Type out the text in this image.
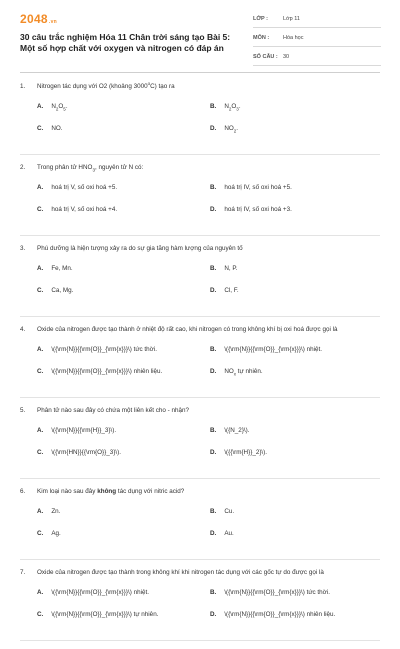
2048.vn
30 câu trắc nghiệm Hóa 11 Chân trời sáng tạo Bài 5: Một số hợp chất với oxygen và nitrogen có đáp án
LỚP :	Lớp 11
MÔN :	Hóa học
SỐ CÂU : 30
1. Nitrogen tác dụng với O2 (khoảng 3000$^o$C) tạo ra
A. $N_2O_5$.	B. $N_2O_3$.
C. NO.	D. $NO_2$.
2. Trong phân tử $HNO_3$, nguyên tử N có:
A. hoá trị V, số oxi hoá +5.	B. hoá trị IV, số oxi hoá +5.
C. hoá trị V, số oxi hoá +4.	D. hoá trị IV, số oxi hoá +3.
3. Phú dưỡng là hiện tượng xảy ra do sự gia tăng hàm lượng của nguyên tố
A. Fe, Mn.	B. N, P.
C. Ca, Mg.	D. Cl, F.
4. Oxide của nitrogen được tạo thành ở nhiệt độ rất cao, khi nitrogen có trong không khí bị oxi hoá được gọi là
A. \({\rm{N}}{{\rm{O}}_{\rm{x}}}\) tức thời.	B. \({\rm{N}}{{\rm{O}}_{\rm{x}}}\) nhiệt.
C. \({\rm{N}}{{\rm{O}}_{\rm{x}}}\) nhiên liệu.	D. $NO_x$ tự nhiên.
5. Phân tử nào sau đây có chứa một liên kết cho - nhận?
A. \({\rm{N}}{{\rm{H}}_3}\).	B. \({N_2}\).
C. \({\rm{HN}}{{\rm{O}}_3}\).	D. \({{\rm{H}}_2}\).
6. Kim loại nào sau đây không tác dụng với nitric acid?
A. Zn.	B. Cu.
C. Ag.	D. Au.
7. Oxide của nitrogen được tạo thành trong không khí khi nitrogen tác dụng với các gốc tự do được gọi là
A. \({\rm{N}}{{\rm{O}}_{\rm{x}}}\) nhiệt.	B. \({\rm{N}}{{\rm{O}}_{\rm{x}}}\) tức thời.
C. \({\rm{N}}{{\rm{O}}_{\rm{x}}}\) tự nhiên.	D. \({\rm{N}}{{\rm{O}}_{\rm{x}}}\) nhiên liệu.
